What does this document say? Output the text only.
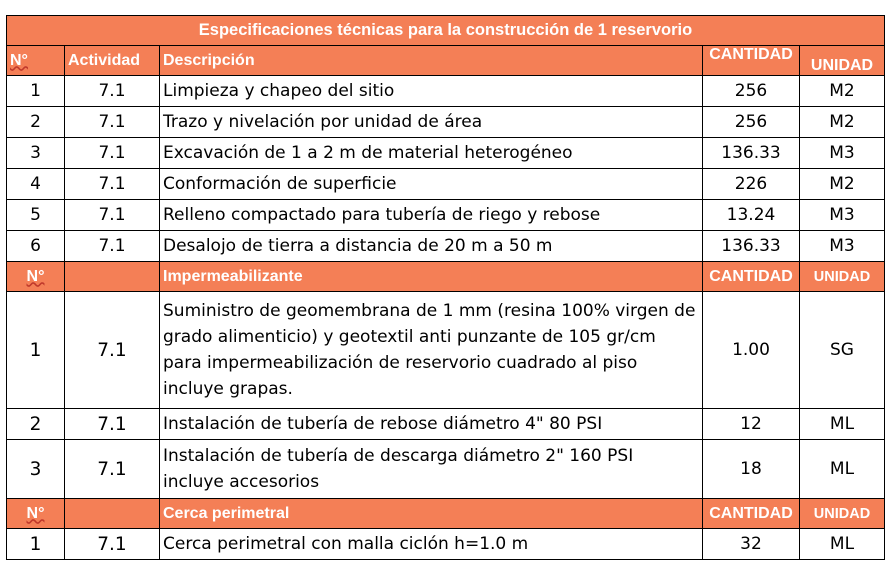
Especificaciones técnicas para la construcción de 1 reservorio				
N°	Actividad	Descripción	CANTIDAD	UNIDAD
1	7.1	Limpieza y chapeo del sitio	256	M2
2	7.1	Trazo y nivelación por unidad de área	256	M2
3	7.1	Excavación de 1 a 2 m de material heterogéneo	136.33	M3
4	7.1	Conformación de superficie	226	M2
5	7.1	Relleno compactado para tubería de riego y rebose	13.24	M3
6	7.1	Desalojo de tierra a distancia de 20 m a 50 m	136.33	M3
N°		Impermeabilizante	CANTIDAD	UNIDAD
1	7.1	Suministro de geomembrana de 1 mm (resina 100% virgen de grado alimenticio) y geotextil anti punzante de 105 gr/cm para impermeabilización de reservorio cuadrado al piso incluye grapas.	1.00	SG
2	7.1	Instalación de tubería de rebose diámetro 4" 80 PSI	12	ML
3	7.1	Instalación de tubería de descarga diámetro 2" 160 PSI incluye accesorios	18	ML
N°		Cerca perimetral	CANTIDAD	UNIDAD
1	7.1	Cerca perimetral con malla ciclón h=1.0 m	32	ML
